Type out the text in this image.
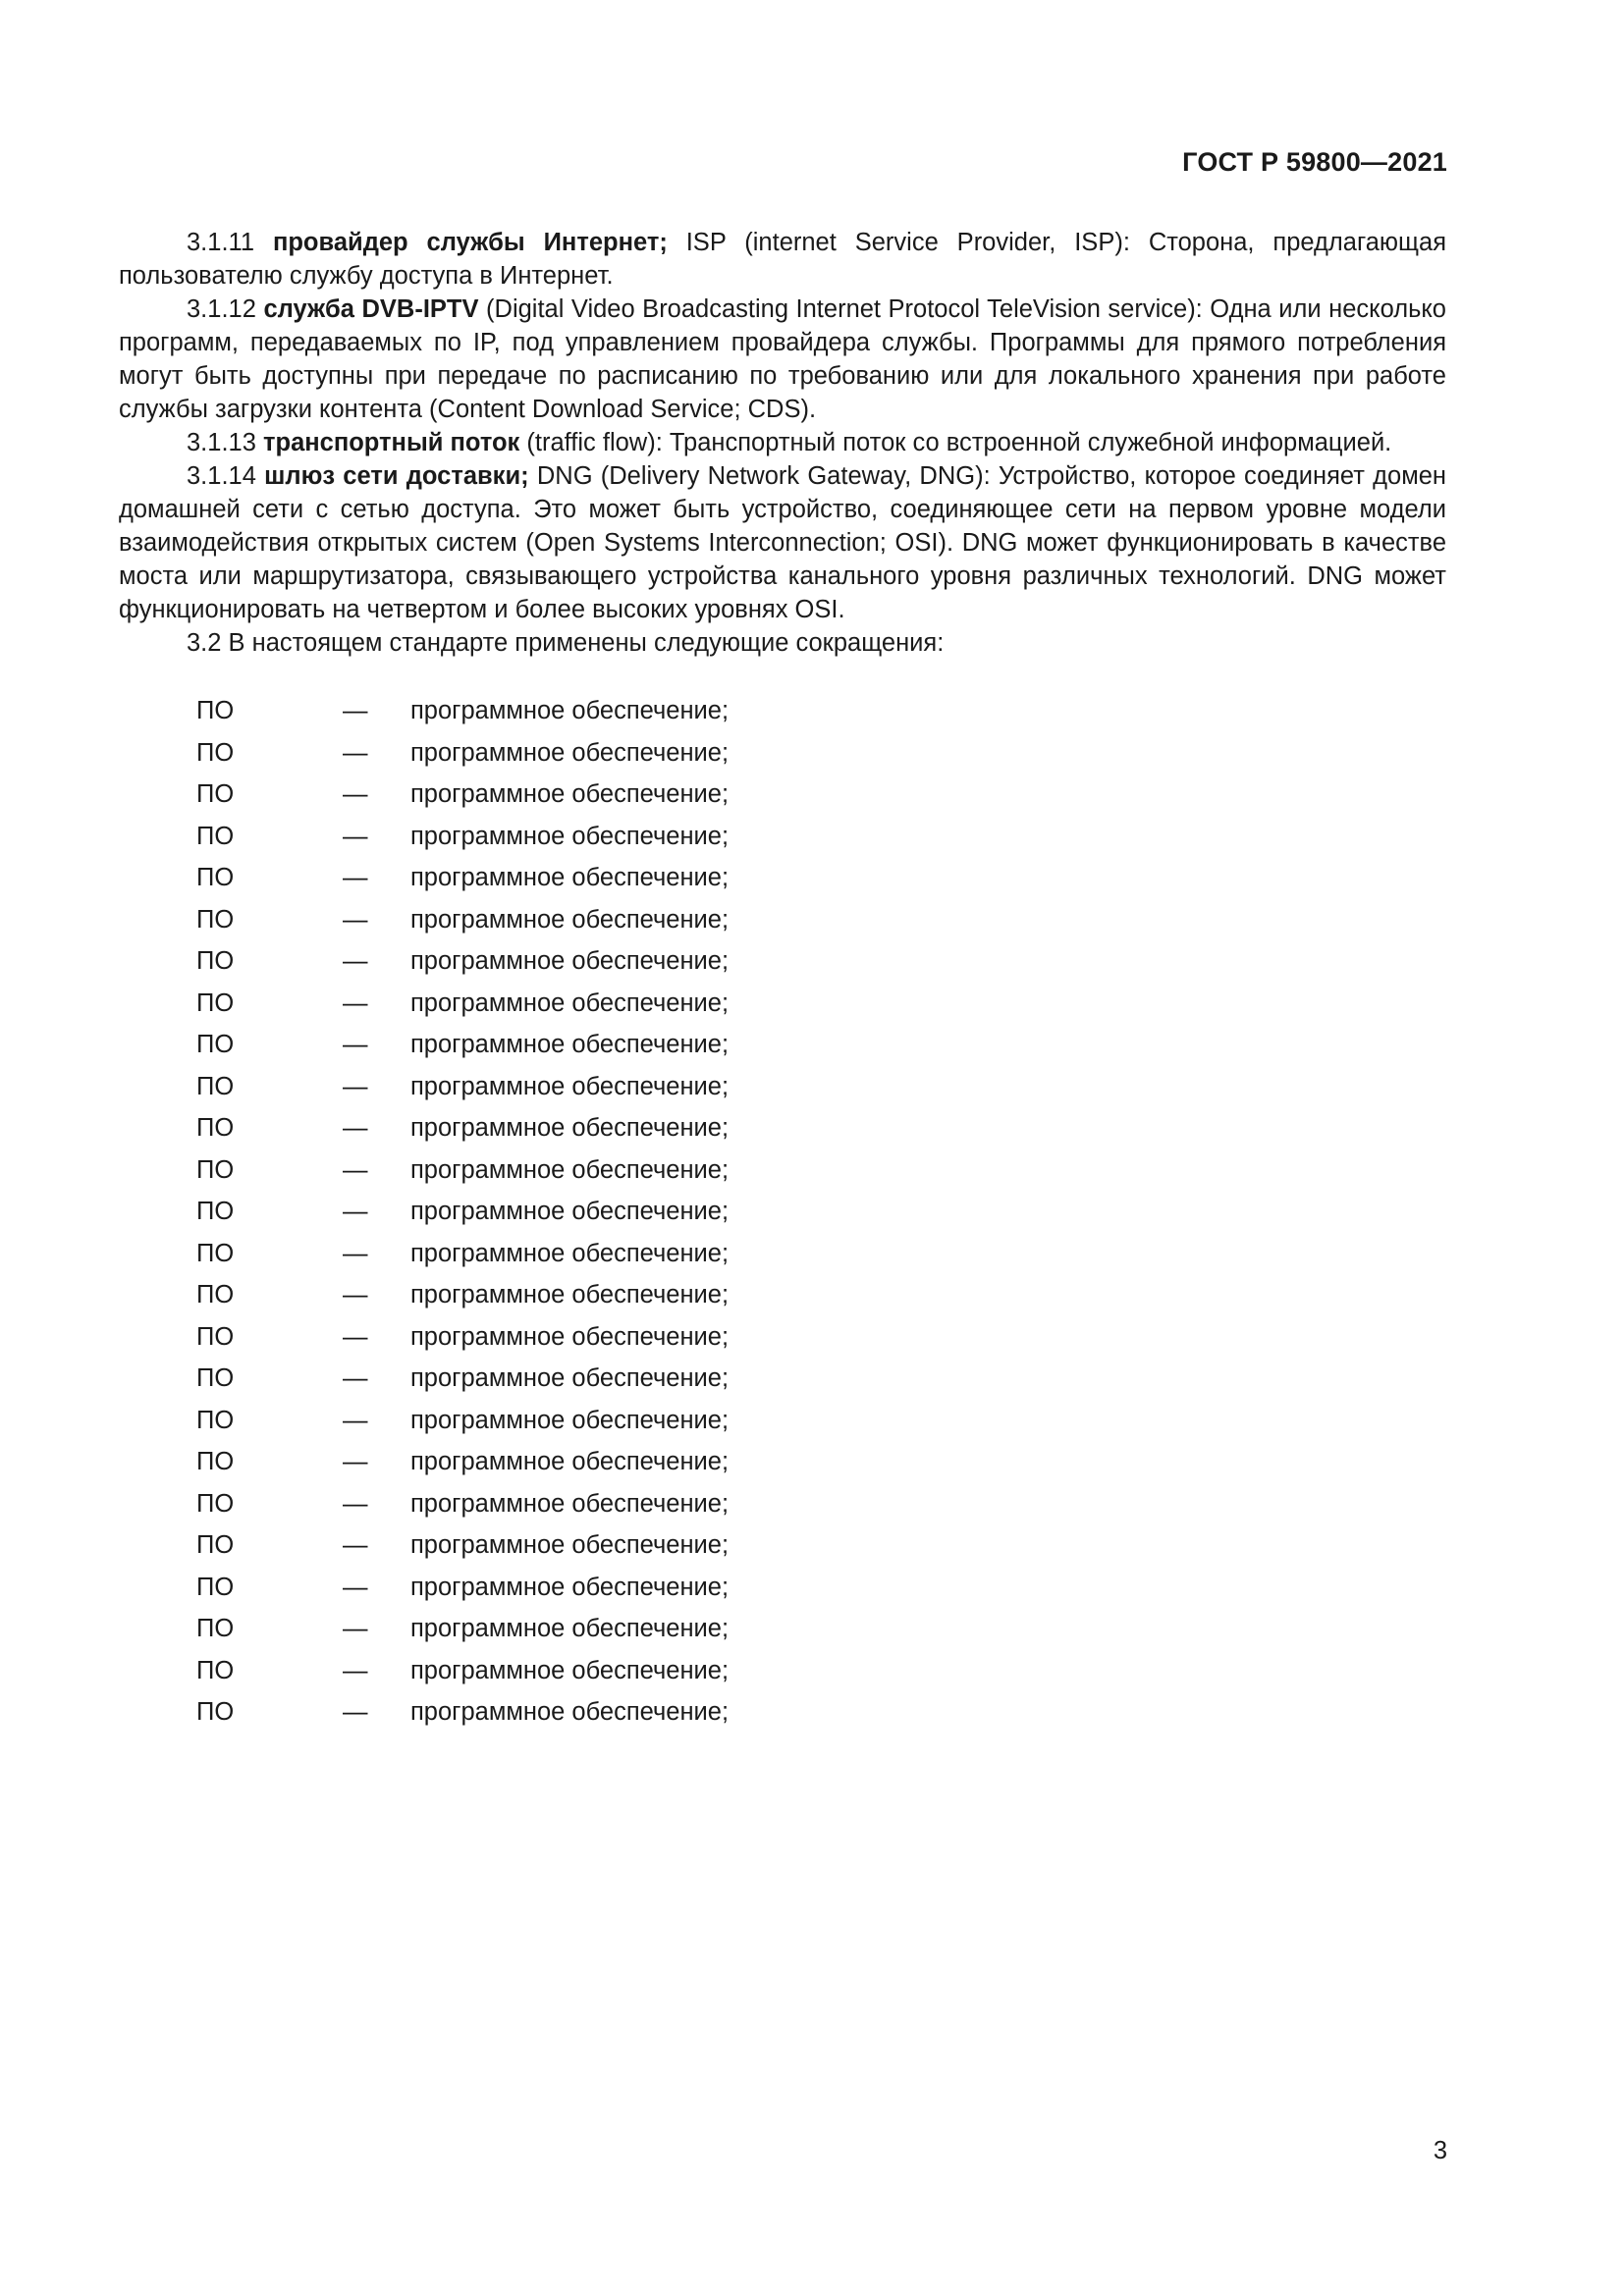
ГОСТ Р 59800—2021

3.1.11 провайдер службы Интернет; ISP (internet Service Provider, ISP): Сторона, предлагающая пользователю службу доступа в Интернет.

3.1.12 служба DVB-IPTV (Digital Video Broadcasting Internet Protocol TeleVision service): Одна или несколько программ, передаваемых по IP, под управлением провайдера службы. Программы для прямого потребления могут быть доступны при передаче по расписанию по требованию или для локального хранения при работе службы загрузки контента (Content Download Service; CDS).

3.1.13 транспортный поток (traffic flow): Транспортный поток со встроенной служебной информацией.

3.1.14 шлюз сети доставки; DNG (Delivery Network Gateway, DNG): Устройство, которое соединяет домен домашней сети с сетью доступа. Это может быть устройство, соединяющее сети на первом уровне модели взаимодействия открытых систем (Open Systems Interconnection; OSI). DNG может функционировать в качестве моста или маршрутизатора, связывающего устройства канального уровня различных технологий. DNG может функционировать на четвертом и более высоких уровнях OSI.

3.2 В настоящем стандарте применены следующие сокращения:

ПО	—	программное обеспечение;
ПО	—	программное обеспечение;
ПО	—	программное обеспечение;
ПО	—	программное обеспечение;
ПО	—	программное обеспечение;
ПО	—	программное обеспечение;
ПО	—	программное обеспечение;
ПО	—	программное обеспечение;
ПО	—	программное обеспечение;
ПО	—	программное обеспечение;
ПО	—	программное обеспечение;
ПО	—	программное обеспечение;
ПО	—	программное обеспечение;
ПО	—	программное обеспечение;
ПО	—	программное обеспечение;
ПО	—	программное обеспечение;
ПО	—	программное обеспечение;
ПО	—	программное обеспечение;
ПО	—	программное обеспечение;
ПО	—	программное обеспечение;
ПО	—	программное обеспечение;
ПО	—	программное обеспечение;
ПО	—	программное обеспечение;
ПО	—	программное обеспечение;
ПО	—	программное обеспечение;
3
